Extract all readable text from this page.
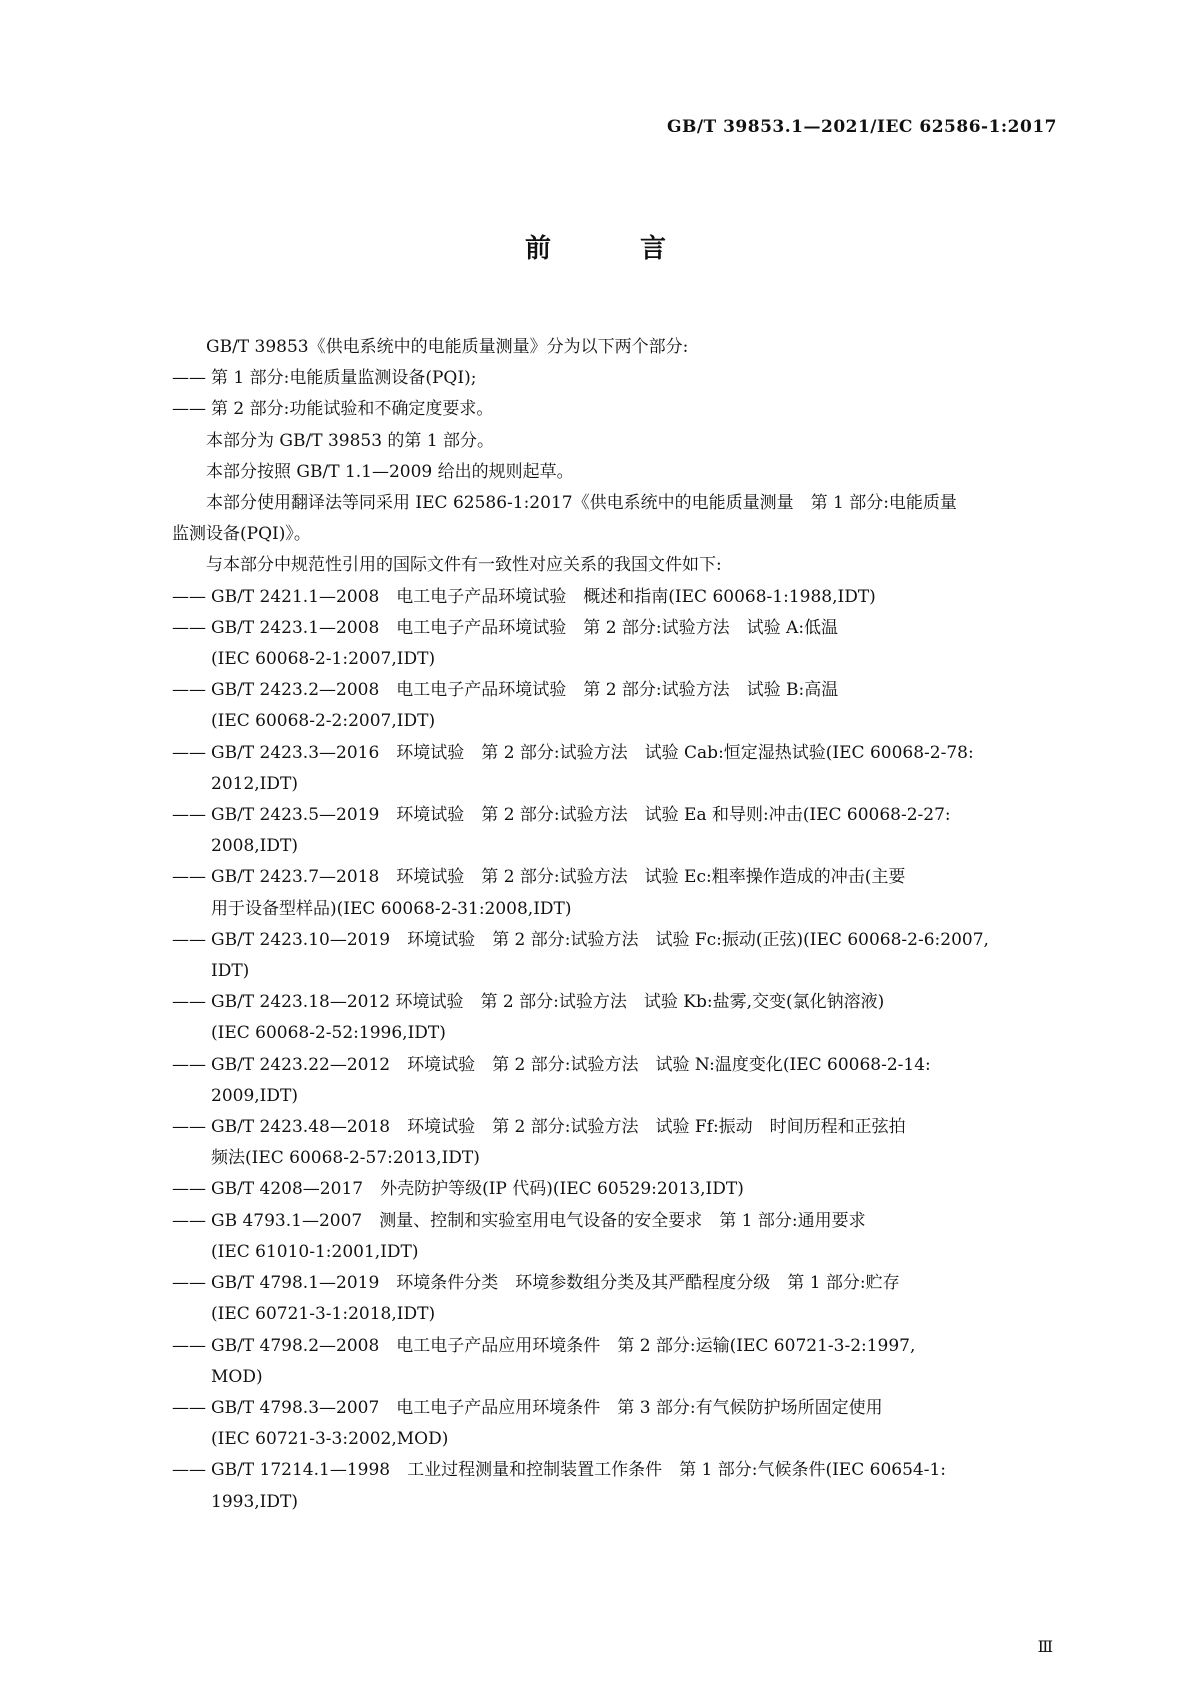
GB/T 39853.1—2021/IEC 62586-1:2017
前 言

GB/T 39853《供电系统中的电能质量测量》分为以下两个部分:

—— 第 1 部分:电能质量监测设备(PQI);
—— 第 2 部分:功能试验和不确定度要求。

本部分为 GB/T 39853 的第 1 部分。

本部分按照 GB/T 1.1—2009 给出的规则起草。

本部分使用翻译法等同采用 IEC 62586-1:2017《供电系统中的电能质量测量　第 1 部分:电能质量

监测设备(PQI)》。

与本部分中规范性引用的国际文件有一致性对应关系的我国文件如下:

—— GB/T 2421.1—2008　电工电子产品环境试验　概述和指南(IEC 60068-1:1988,IDT)

—— GB/T 2423.1—2008　电工电子产品环境试验　第 2 部分:试验方法　试验 A:低温
(IEC 60068-2-1:2007,IDT)

—— GB/T 2423.2—2008　电工电子产品环境试验　第 2 部分:试验方法　试验 B:高温
(IEC 60068-2-2:2007,IDT)

—— GB/T 2423.3—2016　环境试验　第 2 部分:试验方法　试验 Cab:恒定湿热试验(IEC 60068-2-78:
2012,IDT)

—— GB/T 2423.5—2019　环境试验　第 2 部分:试验方法　试验 Ea 和导则:冲击(IEC 60068-2-27:
2008,IDT)

—— GB/T 2423.7—2018　环境试验　第 2 部分:试验方法　试验 Ec:粗率操作造成的冲击(主要
用于设备型样品)(IEC 60068-2-31:2008,IDT)

—— GB/T 2423.10—2019　环境试验　第 2 部分:试验方法　试验 Fc:振动(正弦)(IEC 60068-2-6:2007,
IDT)

—— GB/T 2423.18—2012 环境试验　第 2 部分:试验方法　试验 Kb:盐雾,交变(氯化钠溶液)
(IEC 60068-2-52:1996,IDT)

—— GB/T 2423.22—2012　环境试验　第 2 部分:试验方法　试验 N:温度变化(IEC 60068-2-14:
2009,IDT)

—— GB/T 2423.48—2018　环境试验　第 2 部分:试验方法　试验 Ff:振动　时间历程和正弦拍
频法(IEC 60068-2-57:2013,IDT)

—— GB/T 4208—2017　外壳防护等级(IP 代码)(IEC 60529:2013,IDT)

—— GB 4793.1—2007　测量、控制和实验室用电气设备的安全要求　第 1 部分:通用要求
(IEC 61010-1:2001,IDT)

—— GB/T 4798.1—2019　环境条件分类　环境参数组分类及其严酷程度分级　第 1 部分:贮存
(IEC 60721-3-1:2018,IDT)

—— GB/T 4798.2—2008　电工电子产品应用环境条件　第 2 部分:运输(IEC 60721-3-2:1997,
MOD)

—— GB/T 4798.3—2007　电工电子产品应用环境条件　第 3 部分:有气候防护场所固定使用
(IEC 60721-3-3:2002,MOD)

—— GB/T 17214.1—1998　工业过程测量和控制装置工作条件　第 1 部分:气候条件(IEC 60654-1:
1993,IDT)

Ⅲ
